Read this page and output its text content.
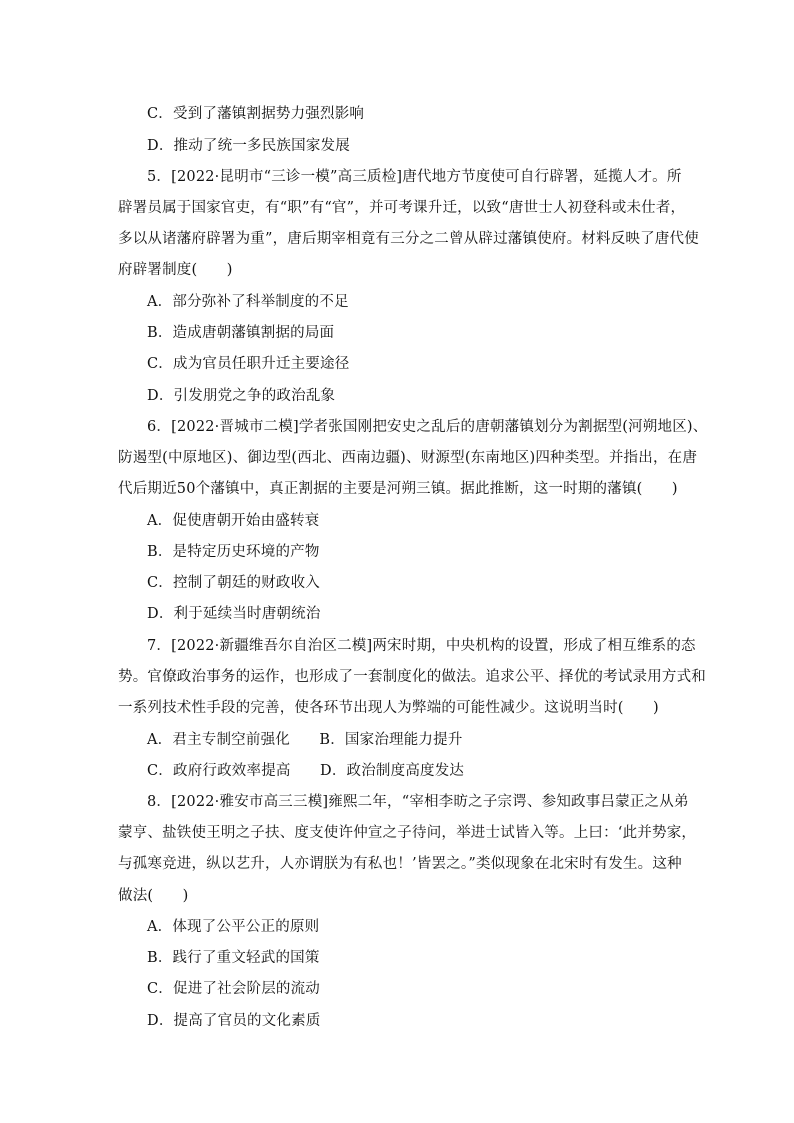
C．受到了藩镇割据势力强烈影响
D．推动了统一多民族国家发展
5．[2022·昆明市“三诊一模”高三质检]唐代地方节度使可自行辟署，延揽人才。所
辟署员属于国家官吏，有“职”有“官”，并可考课升迁，以致“唐世士人初登科或未仕者，
多以从诸藩府辟署为重”，唐后期宰相竟有三分之二曾从辟过藩镇使府。材料反映了唐代使
府辟署制度(　　)
A．部分弥补了科举制度的不足
B．造成唐朝藩镇割据的局面
C．成为官员任职升迁主要途径
D．引发朋党之争的政治乱象
6．[2022·晋城市二模]学者张国刚把安史之乱后的唐朝藩镇划分为割据型(河朔地区)、
防遏型(中原地区)、御边型(西北、西南边疆)、财源型(东南地区)四种类型。并指出，在唐
代后期近50个藩镇中，真正割据的主要是河朔三镇。据此推断，这一时期的藩镇(　　)
A．促使唐朝开始由盛转衰
B．是特定历史环境的产物
C．控制了朝廷的财政收入
D．利于延续当时唐朝统治
7．[2022·新疆维吾尔自治区二模]两宋时期，中央机构的设置，形成了相互维系的态
势。官僚政治事务的运作，也形成了一套制度化的做法。追求公平、择优的考试录用方式和
一系列技术性手段的完善，使各环节出现人为弊端的可能性减少。这说明当时(　　)
A．君主专制空前强化　　B．国家治理能力提升
C．政府行政效率提高　　D．政治制度高度发达
8．[2022·雅安市高三三模]雍熙二年，“宰相李昉之子宗谔、参知政事吕蒙正之从弟
蒙亨、盐铁使王明之子扶、度支使许仲宣之子待问，举进士试皆入等。上曰：‘此并势家，
与孤寒竞进，纵以艺升，人亦谓朕为有私也！’皆罢之。”类似现象在北宋时有发生。这种
做法(　　)
A．体现了公平公正的原则
B．践行了重文轻武的国策
C．促进了社会阶层的流动
D．提高了官员的文化素质
